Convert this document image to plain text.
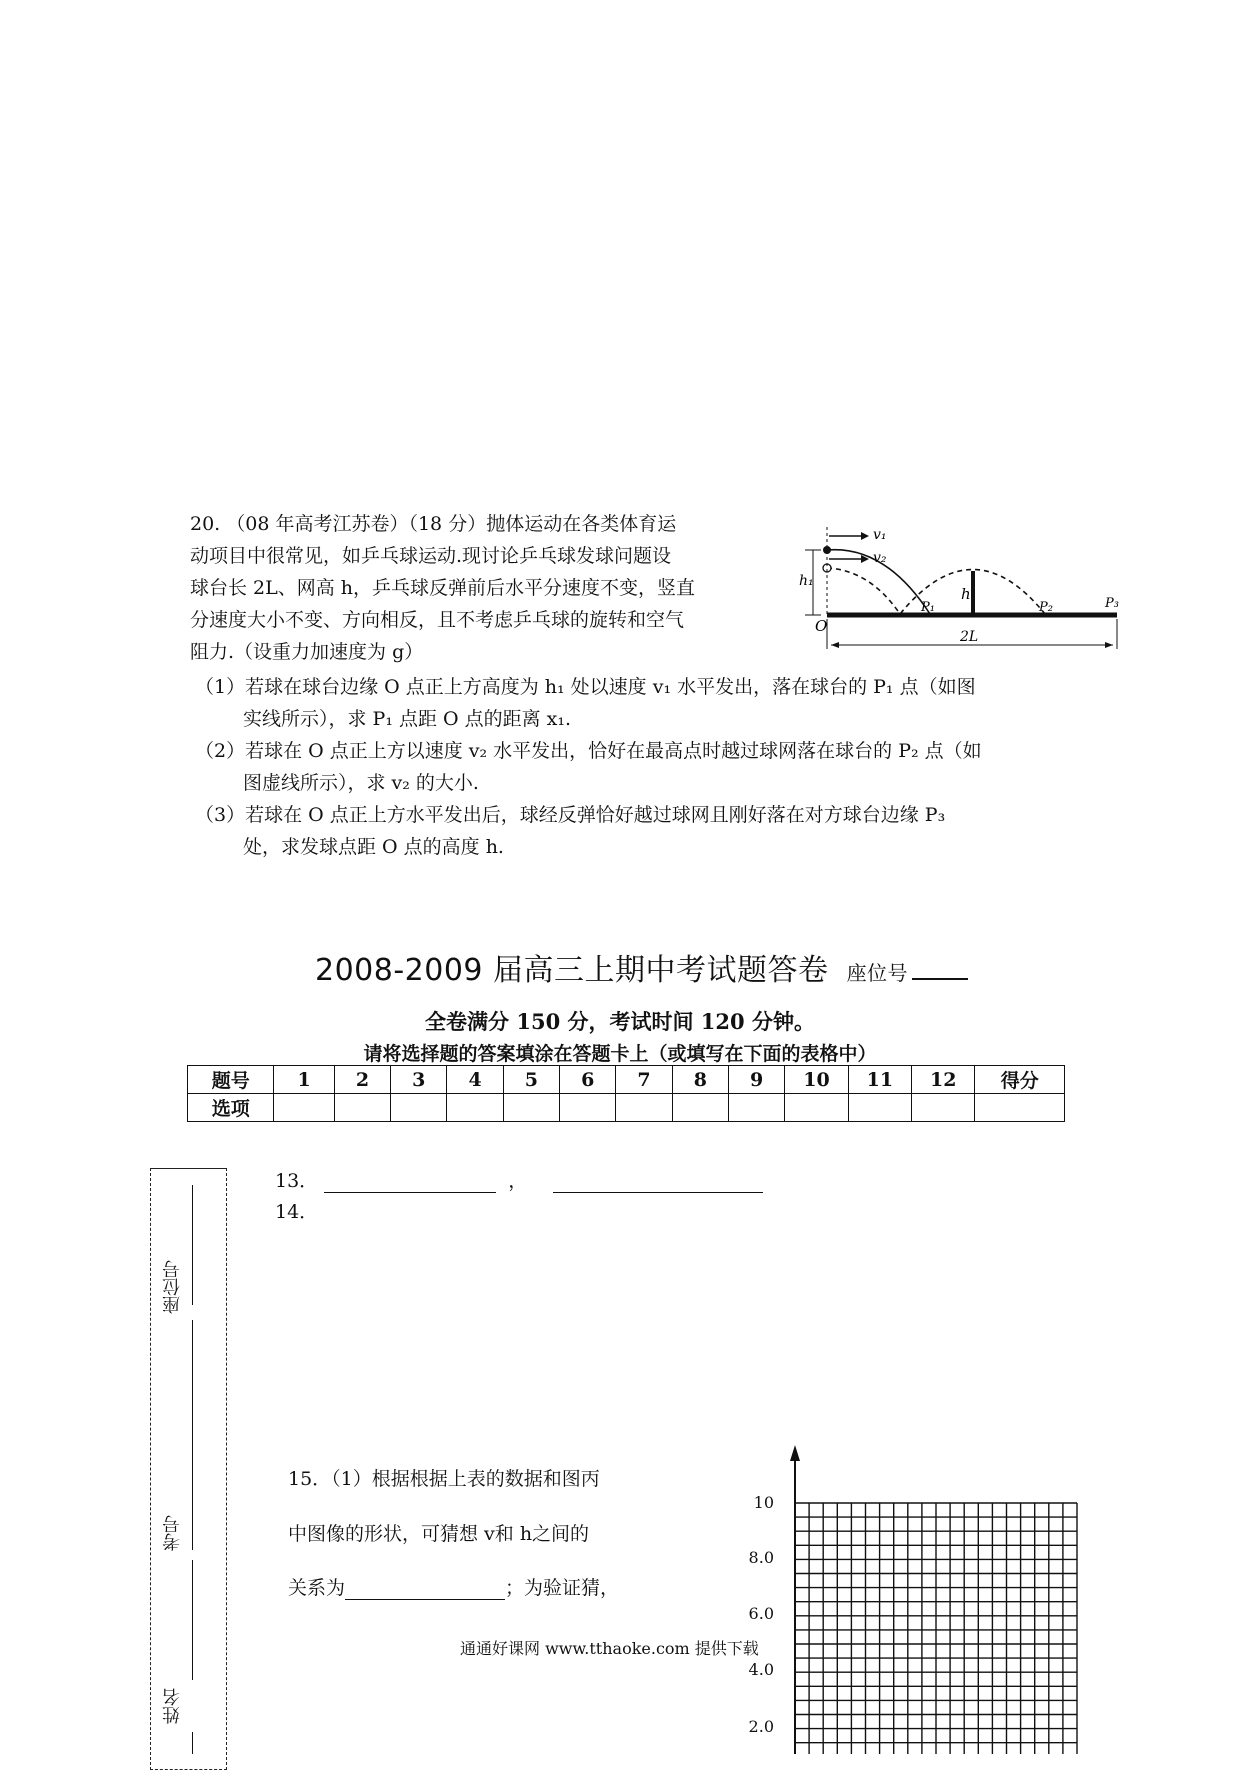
20. （08 年高考江苏卷）（18 分）抛体运动在各类体育运

动项目中很常见，如乒乓球运动.现讨论乒乓球发球问题设

球台长 2L、网高 h，乒乓球反弹前后水平分速度不变，竖直

分速度大小不变、方向相反，且不考虑乒乓球的旋转和空气

阻力.（设重力加速度为 g）

v₁
v₂
h₁
h
O
P₁	P₂	P₃
2L
（1）若球在球台边缘 O 点正上方高度为 h₁ 处以速度 v₁ 水平发出，落在球台的 P₁ 点（如图
实线所示），求 P₁ 点距 O 点的距离 x₁.
（2）若球在 O 点正上方以速度 v₂ 水平发出，恰好在最高点时越过球网落在球台的 P₂ 点（如
图虚线所示），求 v₂ 的大小.
（3）若球在 O 点正上方水平发出后，球经反弹恰好越过球网且刚好落在对方球台边缘 P₃
处，求发球点距 O 点的高度 h.
2008-2009 届高三上期中考试题答卷 座位号
全卷满分 150 分，考试时间 120 分钟。
请将选择题的答案填涂在答题卡上（或填写在下面的表格中）
题号	1	2	3	4	5	6	7	8	9	10	11	12	得分
选项													
座位号
考号
姓名
13．	，
14．
15．（1）根据根据上表的数据和图丙
中图像的形状，可猜想 v和 h之间的
关系为	；为验证猜，
10
8.0
6.0
4.0
2.0
通通好课网 www.tthaoke.com 提供下载
